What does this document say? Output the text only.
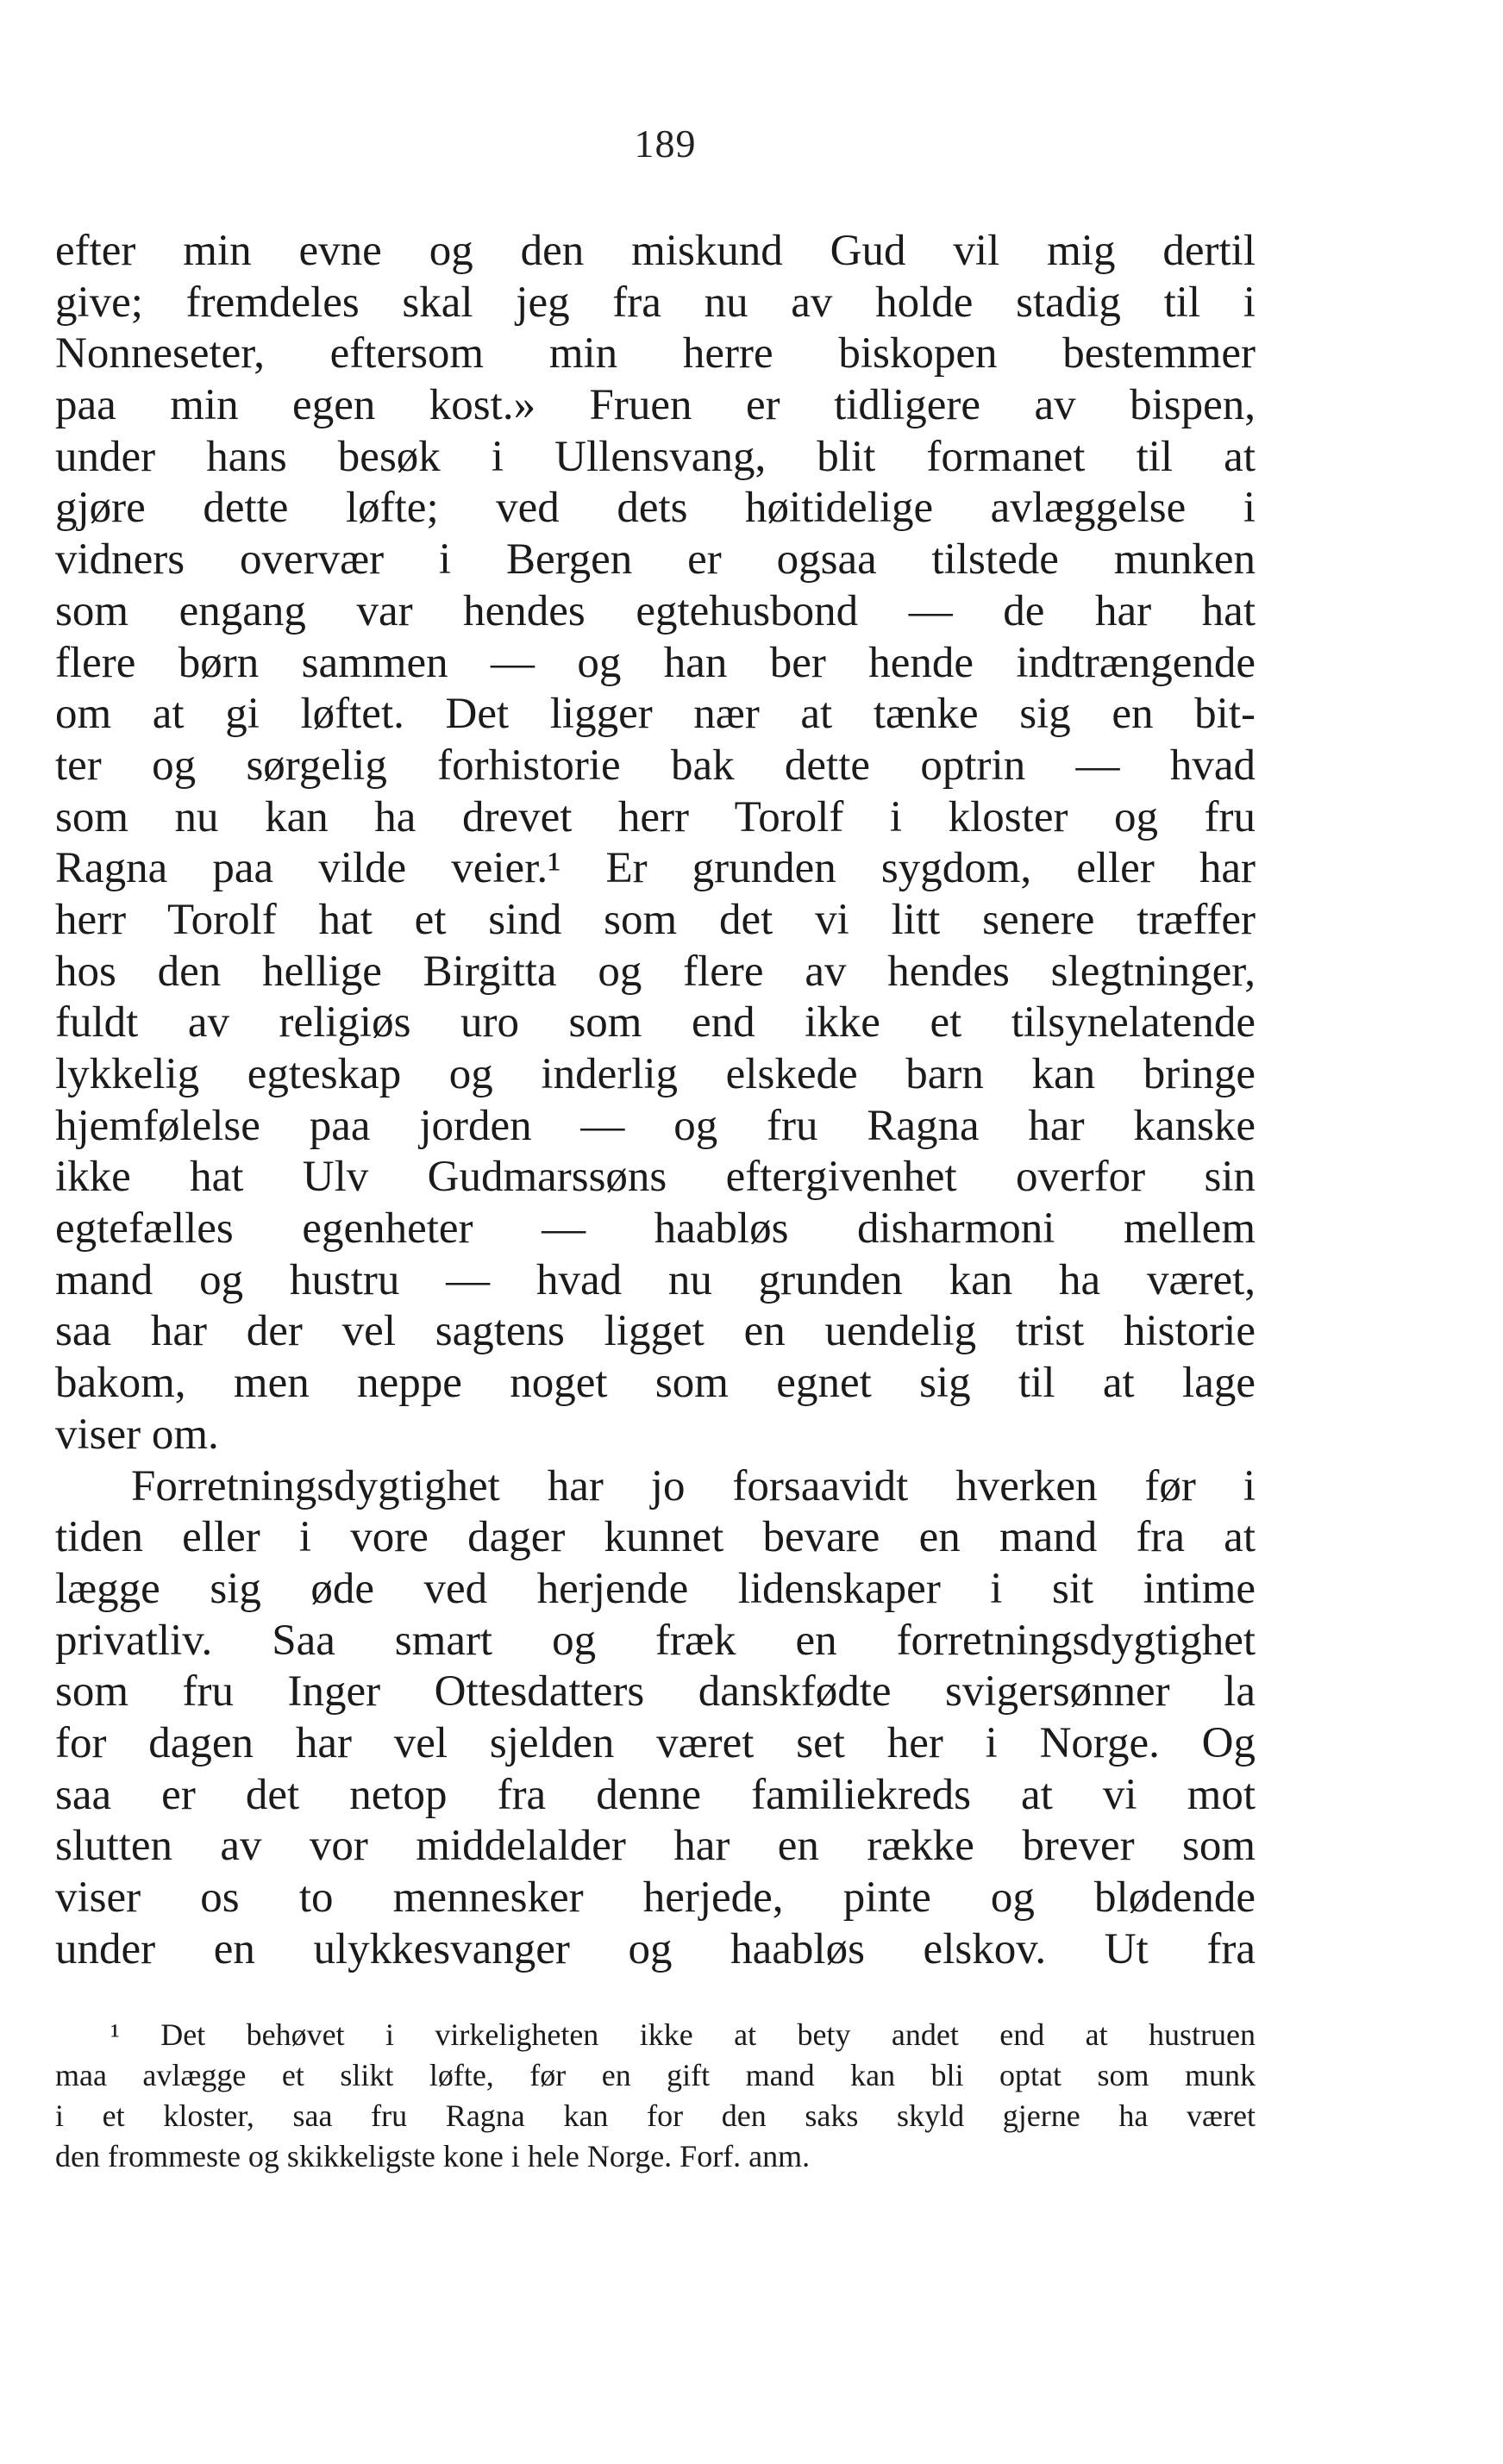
189
efter min evne og den miskund Gud vil mig dertil
give; fremdeles skal jeg fra nu av holde stadig til i
Nonneseter, eftersom min herre biskopen bestemmer
paa min egen kost.» Fruen er tidligere av bispen,
under hans besøk i Ullensvang, blit formanet til at
gjøre dette løfte; ved dets høitidelige avlæggelse i
vidners overvær i Bergen er ogsaa tilstede munken
som engang var hendes egtehusbond — de har hat
flere børn sammen — og han ber hende indtrængende
om at gi løftet. Det ligger nær at tænke sig en bit-
ter og sørgelig forhistorie bak dette optrin — hvad
som nu kan ha drevet herr Torolf i kloster og fru
Ragna paa vilde veier.¹ Er grunden sygdom, eller har
herr Torolf hat et sind som det vi litt senere træffer
hos den hellige Birgitta og flere av hendes slegtninger,
fuldt av religiøs uro som end ikke et tilsynelatende
lykkelig egteskap og inderlig elskede barn kan bringe
hjemfølelse paa jorden — og fru Ragna har kanske
ikke hat Ulv Gudmarssøns eftergivenhet overfor sin
egtefælles egenheter — haabløs disharmoni mellem
mand og hustru — hvad nu grunden kan ha været,
saa har der vel sagtens ligget en uendelig trist historie
bakom, men neppe noget som egnet sig til at lage
viser om.
Forretningsdygtighet har jo forsaavidt hverken før i
tiden eller i vore dager kunnet bevare en mand fra at
lægge sig øde ved herjende lidenskaper i sit intime
privatliv. Saa smart og fræk en forretningsdygtighet
som fru Inger Ottesdatters danskfødte svigersønner la
for dagen har vel sjelden været set her i Norge. Og
saa er det netop fra denne familiekreds at vi mot
slutten av vor middelalder har en række brever som
viser os to mennesker herjede, pinte og blødende
under en ulykkesvanger og haabløs elskov. Ut fra
¹ Det behøvet i virkeligheten ikke at bety andet end at hustruen
maa avlægge et slikt løfte, før en gift mand kan bli optat som munk
i et kloster, saa fru Ragna kan for den saks skyld gjerne ha været
den frommeste og skikkeligste kone i hele Norge. Forf. anm.
